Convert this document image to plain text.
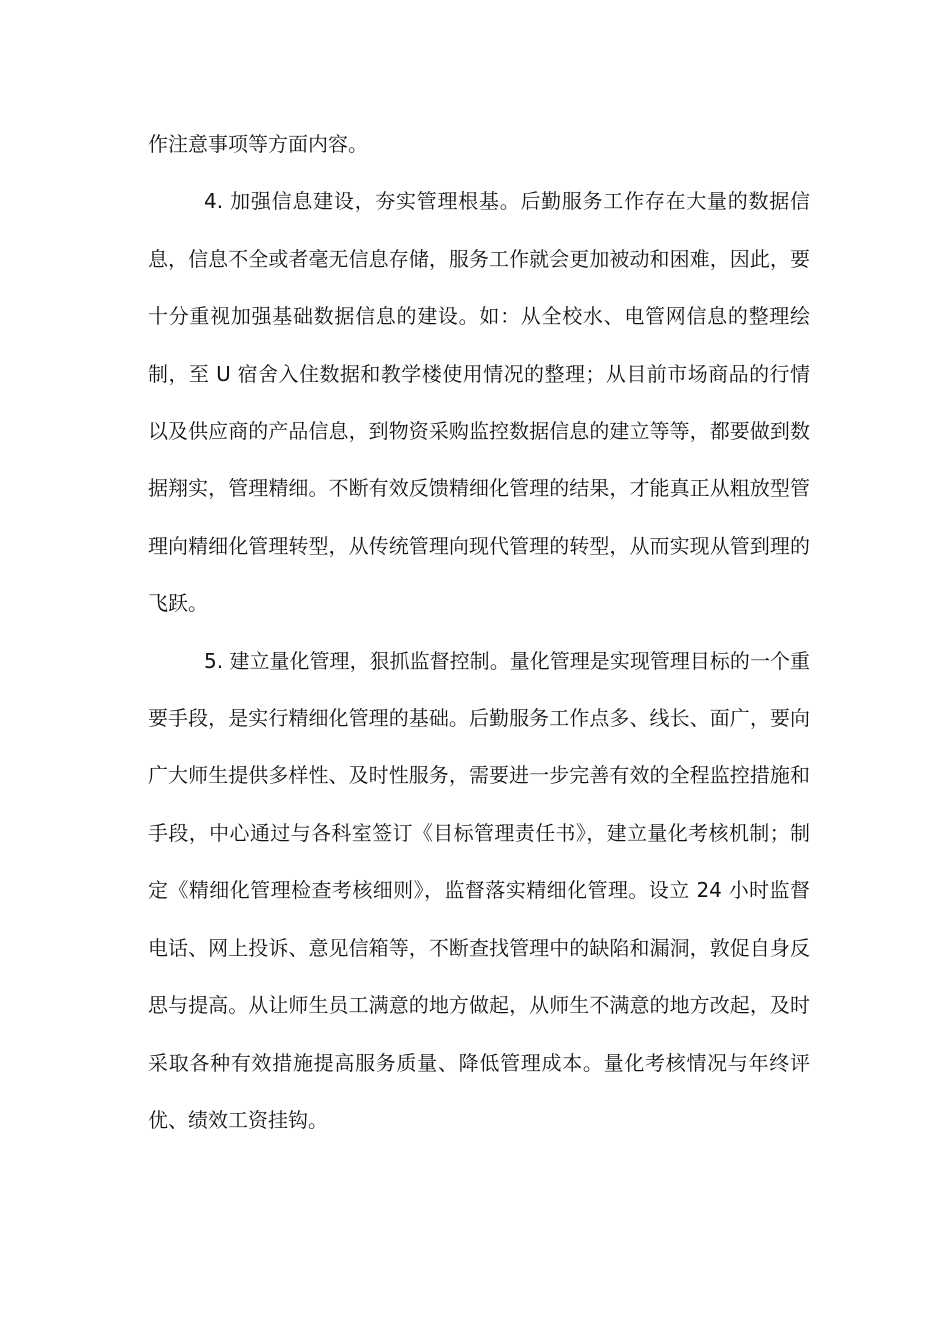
作注意事项等方面内容。

4. 加强信息建设，夯实管理根基。后勤服务工作存在大量的数据信息，信息不全或者毫无信息存储，服务工作就会更加被动和困难，因此，要十分重视加强基础数据信息的建设。如：从全校水、电管网信息的整理绘制，至 U 宿舍入住数据和教学楼使用情况的整理；从目前市场商品的行情以及供应商的产品信息，到物资采购监控数据信息的建立等等，都要做到数据翔实，管理精细。不断有效反馈精细化管理的结果，才能真正从粗放型管理向精细化管理转型，从传统管理向现代管理的转型，从而实现从管到理的飞跃。

5. 建立量化管理，狠抓监督控制。量化管理是实现管理目标的一个重要手段，是实行精细化管理的基础。后勤服务工作点多、线长、面广，要向广大师生提供多样性、及时性服务，需要进一步完善有效的全程监控措施和手段，中心通过与各科室签订《目标管理责任书》，建立量化考核机制；制定《精细化管理检查考核细则》，监督落实精细化管理。设立 24 小时监督电话、网上投诉、意见信箱等，不断查找管理中的缺陷和漏洞，敦促自身反思与提高。从让师生员工满意的地方做起，从师生不满意的地方改起，及时采取各种有效措施提高服务质量、降低管理成本。量化考核情况与年终评优、绩效工资挂钩。
